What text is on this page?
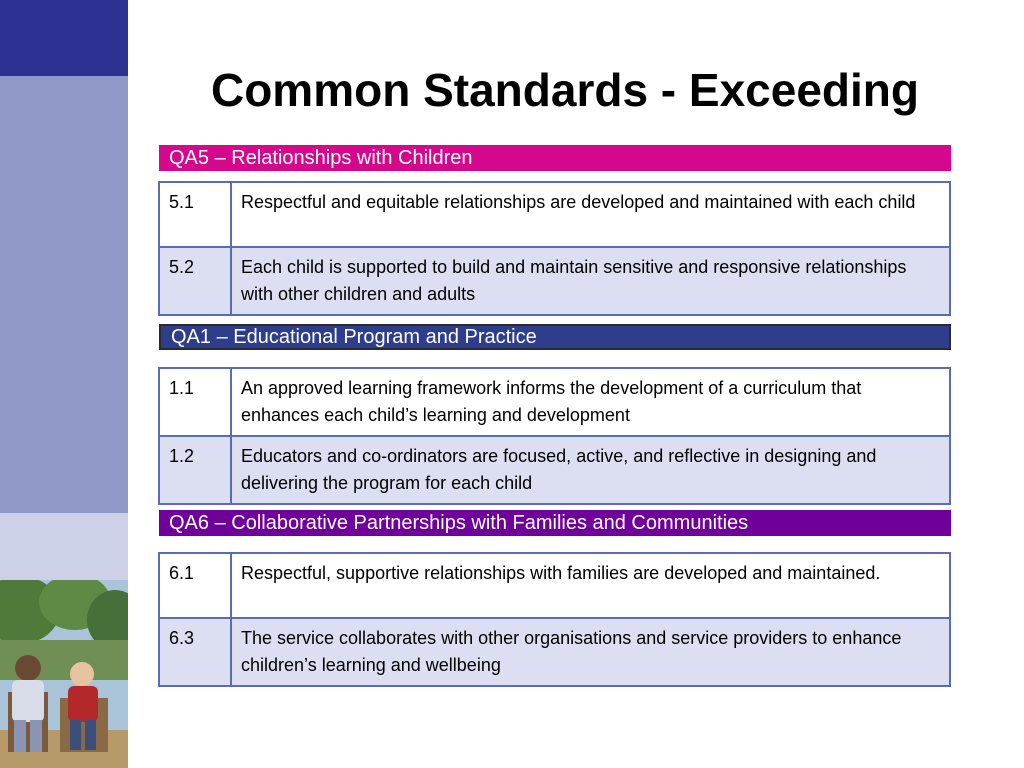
Common Standards - Exceeding
QA5 – Relationships with Children
5.1	Respectful and equitable relationships are developed and maintained with each child
5.2	Each child is supported to build and maintain sensitive and responsive relationships with other children and adults
QA1 – Educational Program and Practice
1.1	An approved learning framework informs the development of a curriculum that enhances each child’s learning and development
1.2	Educators and co-ordinators are focused, active, and reflective in designing and delivering the program for each child
QA6 – Collaborative Partnerships with Families and Communities
6.1	Respectful, supportive relationships with families are developed and maintained.
6.3	The service collaborates with other organisations and service providers to enhance children’s learning and wellbeing
